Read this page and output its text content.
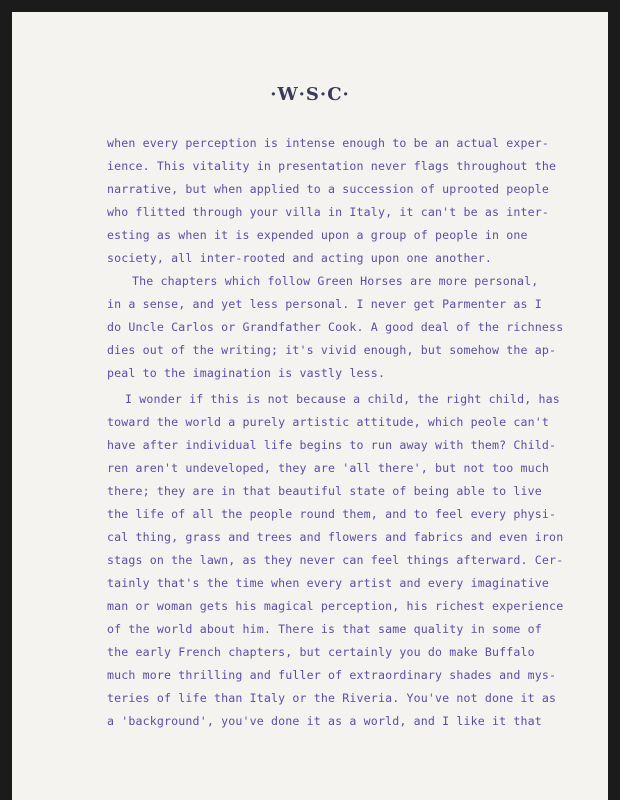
·W·S·C·
when every perception is intense enough to be an actual exper-
ience. This vitality in presentation never flags throughout the
narrative, but when applied to a succession of uprooted people
who flitted through your villa in Italy, it can't be as inter-
esting as when it is expended upon a group of people in one
society, all inter-rooted and acting upon one another.
The chapters which follow Green Horses are more personal,
in a sense, and yet less personal. I never get Parmenter as I
do Uncle Carlos or Grandfather Cook. A good deal of the richness
dies out of the writing; it's vivid enough, but somehow the ap-
peal to the imagination is vastly less.
I wonder if this is not because a child, the right child, has
toward the world a purely artistic attitude, which peole can't
have after individual life begins to run away with them? Child-
ren aren't undeveloped, they are 'all there', but not too much
there; they are in that beautiful state of being able to live
the life of all the people round them, and to feel every physi-
cal thing, grass and trees and flowers and fabrics and even iron
stags on the lawn, as they never can feel things afterward. Cer-
tainly that's the time when every artist and every imaginative
man or woman gets his magical perception, his richest experience
of the world about him. There is that same quality in some of
the early French chapters, but certainly you do make Buffalo
much more thrilling and fuller of extraordinary shades and mys-
teries of life than Italy or the Riveria. You've not done it as
a 'background', you've done it as a world, and I like it that
